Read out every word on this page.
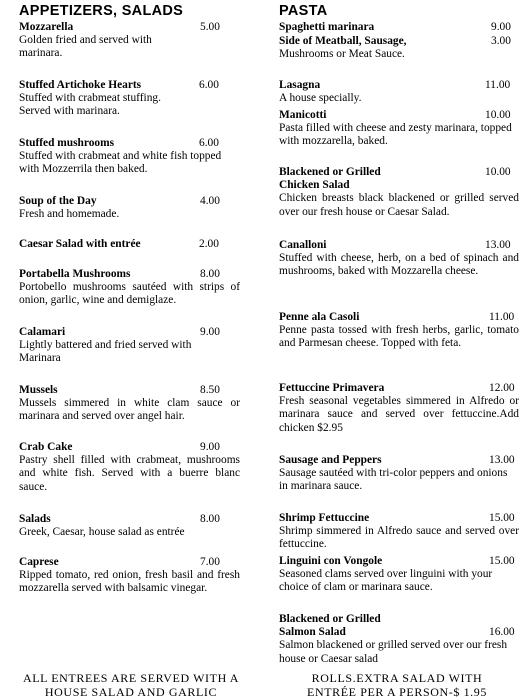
APPETIZERS, SALADS
Mozzarella	5.00
Golden fried and served with marinara.
Stuffed Artichoke Hearts	6.00
Stuffed with crabmeat stuffing. Served with marinara.
Stuffed mushrooms	6.00
Stuffed with crabmeat and white fish topped with Mozzerrila then baked.
Soup of the Day	4.00
Fresh and homemade.
Caesar Salad with entrée	2.00
Portabella Mushrooms	8.00
Portobello mushrooms sautéed with strips of onion, garlic, wine and demiglaze.
Calamari	9.00
Lightly battered and fried served with Marinara
Mussels	8.50
Mussels simmered in white clam sauce or marinara and served over angel hair.
Crab Cake	9.00
Pastry shell filled with crabmeat, mushrooms and white fish. Served with a buerre blanc sauce.
Salads	8.00
Greek, Caesar, house salad as entrée
Caprese	7.00
Ripped tomato, red onion, fresh basil and fresh mozzarella served with balsamic vinegar.
PASTA
Spaghetti marinara	9.00
Side of Meatball, Sausage,	3.00
Mushrooms or Meat Sauce.
Lasagna	11.00
A house specially.
Manicotti	10.00
Pasta filled with cheese and zesty marinara, topped with mozzarella, baked.
Blackened or Grilled	10.00
Chicken Salad
Chicken breasts black blackened or grilled served over our fresh house or Caesar Salad.
Canalloni	13.00
Stuffed with cheese, herb, on a bed of spinach and mushrooms, baked with Mozzarella cheese.
Penne ala Casoli	11.00
Penne pasta tossed with fresh herbs, garlic, tomato and Parmesan cheese. Topped with feta.
Fettuccine Primavera	12.00
Fresh seasonal vegetables simmered in Alfredo or marinara sauce and served over fettuccine.Add chicken $2.95
Sausage and Peppers	13.00
Sausage sautéed with tri-color peppers and onions in marinara sauce.
Shrimp Fettuccine	15.00
Shrimp simmered in Alfredo sauce and served over fettuccine.
Linguini con Vongole	15.00
Seasoned clams served over linguini with your choice of clam or marinara sauce.
Blackened or Grilled
Salmon Salad	16.00
Salmon blackened or grilled served over our fresh house or Caesar salad
ALL ENTREES ARE SERVED WITH A
HOUSE SALAD AND GARLIC
ROLLS.EXTRA SALAD WITH
ENTRÉE PER A PERSON-$ 1.95
